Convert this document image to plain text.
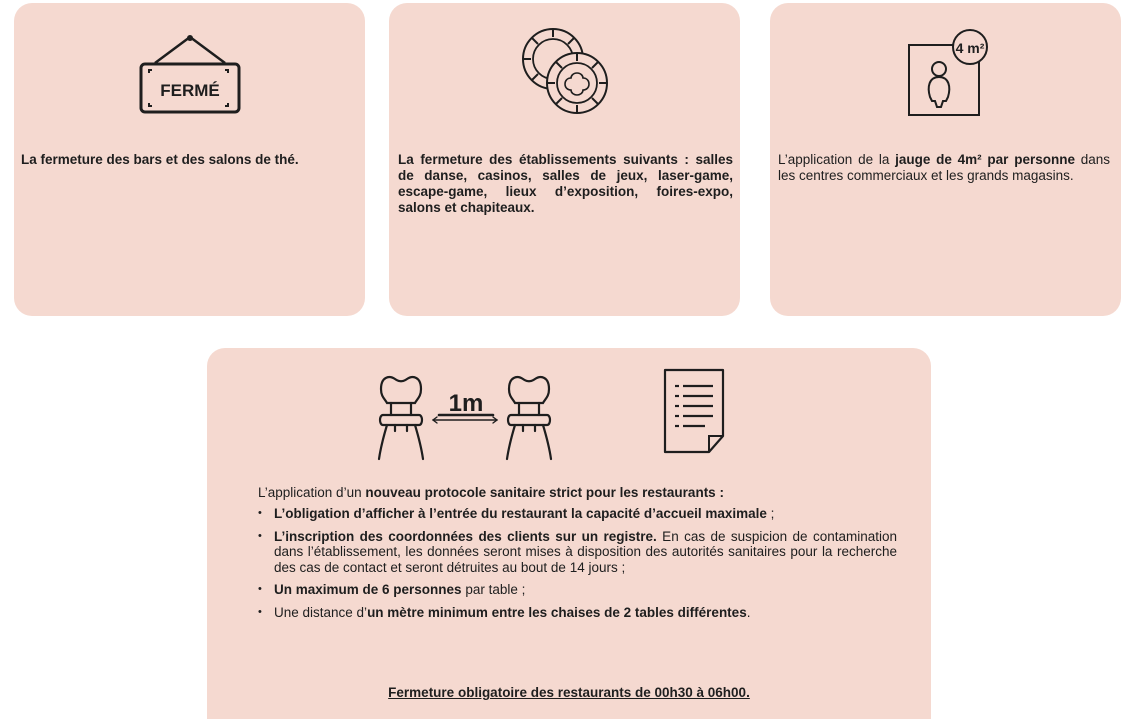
FERMÉ
La fermeture des bars et des salons de thé.	La fermeture des établissements suivants : salles de danse, casinos, salles de jeux, laser-game, escape-game, lieux d’exposition, foires-expo, salons et chapiteaux.
4 m²
L’application de la jauge de 4m² par personne dans les centres commerciaux et les grands magasins.
1m
L’application d’un nouveau protocole sanitaire strict pour les restaurants :
• L’obligation d’afficher à l’entrée du restaurant la capacité d’accueil maximale ;
• L’inscription des coordonnées des clients sur un registre. En cas de suspicion de contamination dans l’établissement, les données seront mises à disposition des autorités sanitaires pour la recherche des cas de contact et seront détruites au bout de 14 jours ;
• Un maximum de 6 personnes par table ;
• Une distance d’un mètre minimum entre les chaises de 2 tables différentes.
Fermeture obligatoire des restaurants de 00h30 à 06h00.
